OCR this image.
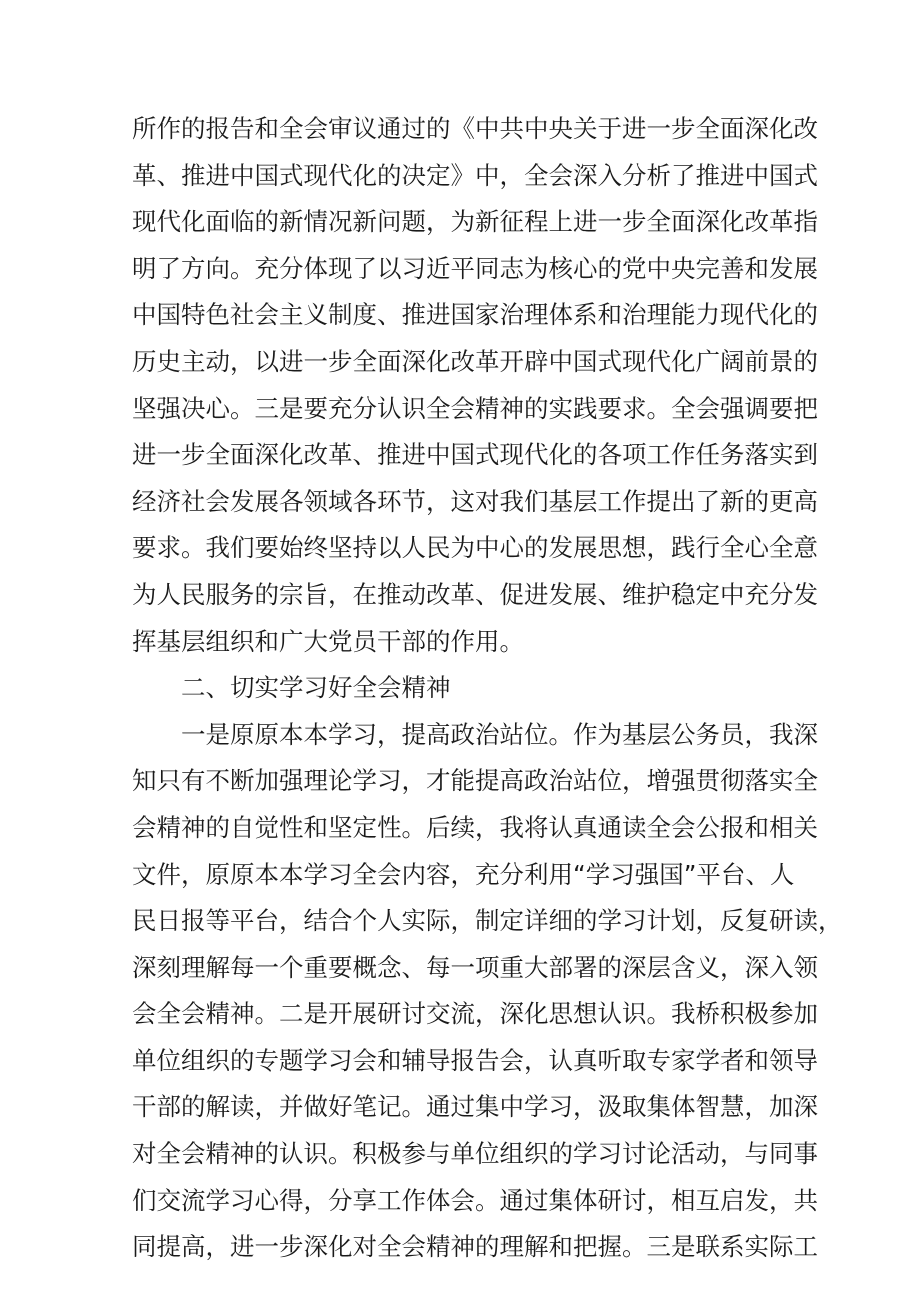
所作的报告和全会审议通过的《中共中央关于进一步全面深化改
革、推进中国式现代化的决定》中，全会深入分析了推进中国式
现代化面临的新情况新问题，为新征程上进一步全面深化改革指
明了方向。充分体现了以习近平同志为核心的党中央完善和发展
中国特色社会主义制度、推进国家治理体系和治理能力现代化的
历史主动，以进一步全面深化改革开辟中国式现代化广阔前景的
坚强决心。三是要充分认识全会精神的实践要求。全会强调要把
进一步全面深化改革、推进中国式现代化的各项工作任务落实到
经济社会发展各领域各环节，这对我们基层工作提出了新的更高
要求。我们要始终坚持以人民为中心的发展思想，践行全心全意
为人民服务的宗旨，在推动改革、促进发展、维护稳定中充分发
挥基层组织和广大党员干部的作用。
二、切实学习好全会精神
一是原原本本学习，提高政治站位。作为基层公务员，我深
知只有不断加强理论学习，才能提高政治站位，增强贯彻落实全
会精神的自觉性和坚定性。后续，我将认真通读全会公报和相关
文件，原原本本学习全会内容，充分利用“学习强国”平台、人
民日报等平台，结合个人实际，制定详细的学习计划，反复研读，
深刻理解每一个重要概念、每一项重大部署的深层含义，深入领
会全会精神。二是开展研讨交流，深化思想认识。我桥积极参加
单位组织的专题学习会和辅导报告会，认真听取专家学者和领导
干部的解读，并做好笔记。通过集中学习，汲取集体智慧，加深
对全会精神的认识。积极参与单位组织的学习讨论活动，与同事
们交流学习心得，分享工作体会。通过集体研讨，相互启发，共
同提高，进一步深化对全会精神的理解和把握。三是联系实际工
